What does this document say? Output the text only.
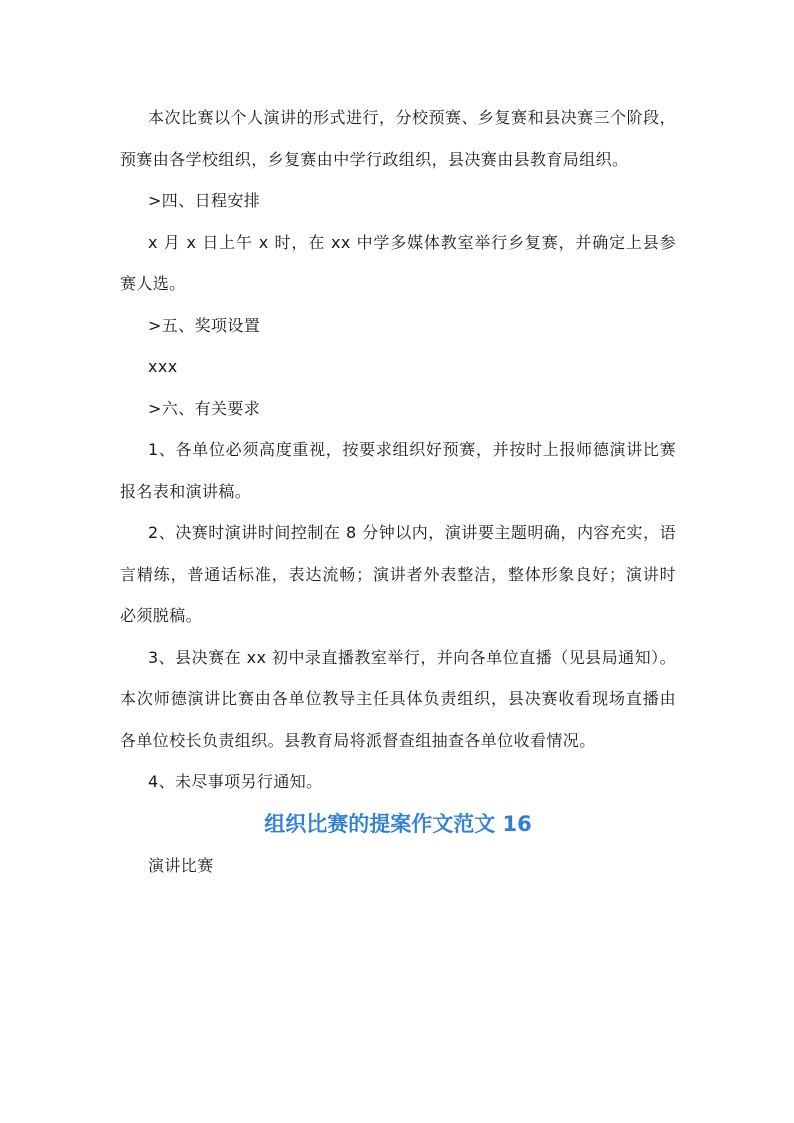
本次比赛以个人演讲的形式进行，分校预赛、乡复赛和县决赛三个阶段，预赛由各学校组织，乡复赛由中学行政组织，县决赛由县教育局组织。

>四、日程安排

x 月 x 日上午 x 时，在 xx 中学多媒体教室举行乡复赛，并确定上县参赛人选。

>五、奖项设置

xxx

>六、有关要求

1、各单位必须高度重视，按要求组织好预赛，并按时上报师德演讲比赛报名表和演讲稿。

2、决赛时演讲时间控制在 8 分钟以内，演讲要主题明确，内容充实，语言精练，普通话标准，表达流畅；演讲者外表整洁，整体形象良好；演讲时必须脱稿。

3、县决赛在 xx 初中录直播教室举行，并向各单位直播（见县局通知）。本次师德演讲比赛由各单位教导主任具体负责组织，县决赛收看现场直播由各单位校长负责组织。县教育局将派督查组抽查各单位收看情况。

4、未尽事项另行通知。

组织比赛的提案作文范文 16

演讲比赛
